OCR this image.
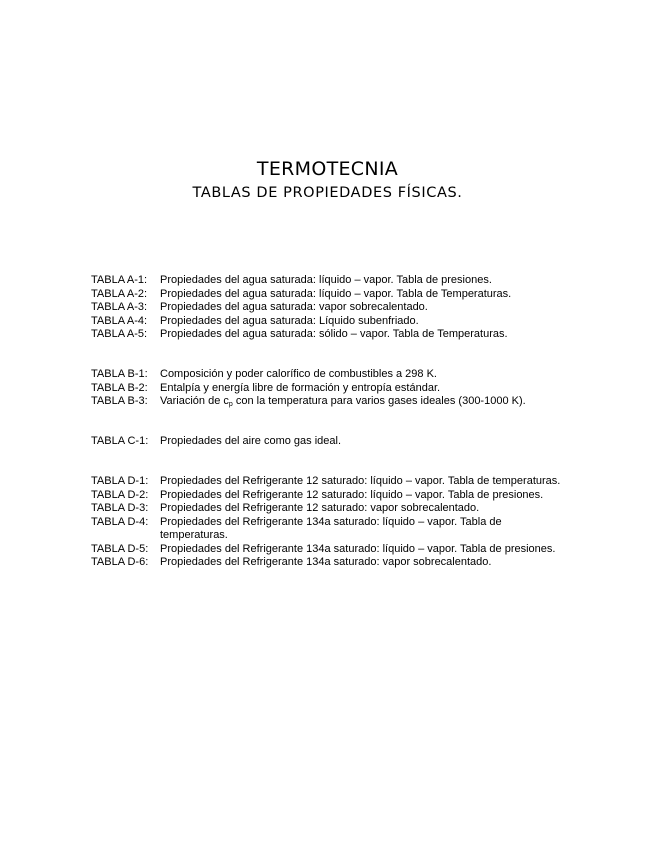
TERMOTECNIA
TABLAS DE PROPIEDADES FÍSICAS.
TABLA A-1:	Propiedades del agua saturada: líquido – vapor. Tabla de presiones.
TABLA A-2:	Propiedades del agua saturada: líquido – vapor. Tabla de Temperaturas.
TABLA A-3:	Propiedades del agua saturada: vapor sobrecalentado.
TABLA A-4:	Propiedades del agua saturada: Líquido subenfriado.
TABLA A-5:	Propiedades del agua saturada: sólido – vapor. Tabla de Temperaturas.
TABLA B-1:	Composición y poder calorífico de combustibles a 298 K.
TABLA B-2:	Entalpía y energía libre de formación y entropía estándar.
TABLA B-3:	Variación de $c_p$ con la temperatura para varios gases ideales (300-1000 K).
TABLA C-1:	Propiedades del aire como gas ideal.
TABLA D-1:	Propiedades del Refrigerante 12 saturado: líquido – vapor. Tabla de temperaturas.
TABLA D-2:	Propiedades del Refrigerante 12 saturado: líquido – vapor. Tabla de presiones.
TABLA D-3:	Propiedades del Refrigerante 12 saturado: vapor sobrecalentado.
TABLA D-4:	Propiedades del Refrigerante 134a saturado: líquido – vapor. Tabla de temperaturas.
TABLA D-5:	Propiedades del Refrigerante 134a saturado: líquido – vapor. Tabla de presiones.
TABLA D-6:	Propiedades del Refrigerante 134a saturado: vapor sobrecalentado.
